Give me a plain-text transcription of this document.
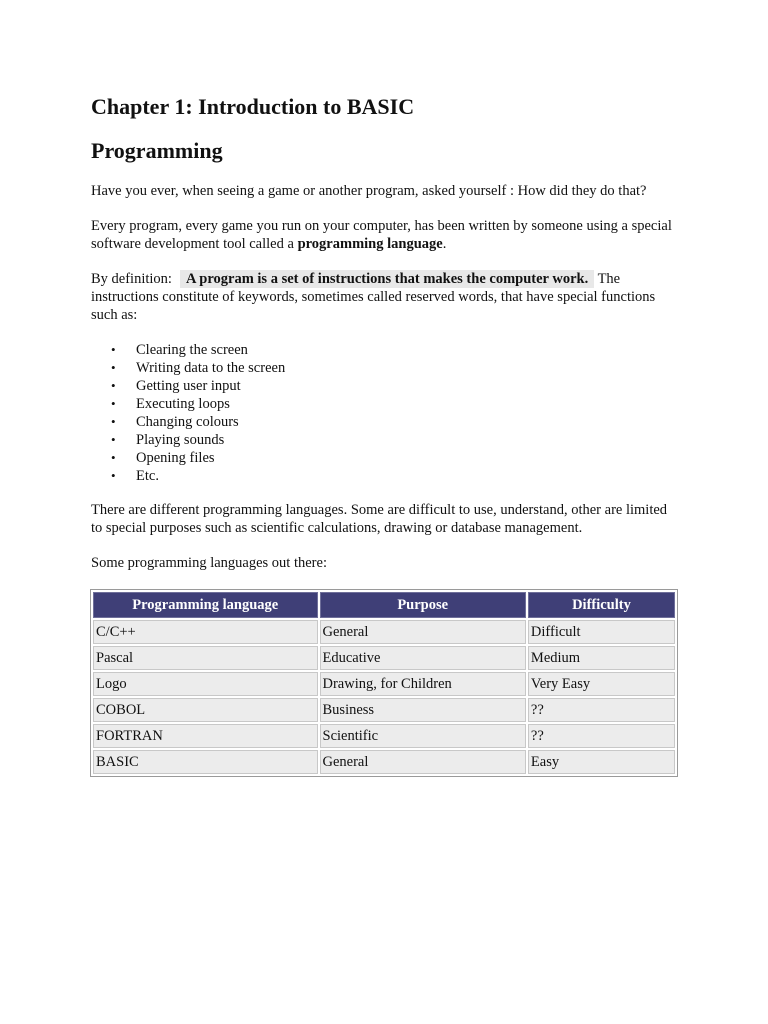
Chapter 1: Introduction to BASIC
Programming

Have you ever, when seeing a game or another program, asked yourself : How did they do that?

Every program, every game you run on your computer, has been written by someone using a special software development tool called a programming language.

By definition: A program is a set of instructions that makes the computer work. The instructions constitute of keywords, sometimes called reserved words, that have special functions such as:

• Clearing the screen
• Writing data to the screen
• Getting user input
• Executing loops
• Changing colours
• Playing sounds
• Opening files
• Etc.

There are different programming languages. Some are difficult to use, understand, other are limited to special purposes such as scientific calculations, drawing or database management.

Some programming languages out there:

Programming language	Purpose	Difficulty
C/C++	General	Difficult
Pascal	Educative	Medium
Logo	Drawing, for Children	Very Easy
COBOL	Business	??
FORTRAN	Scientific	??
BASIC	General	Easy
